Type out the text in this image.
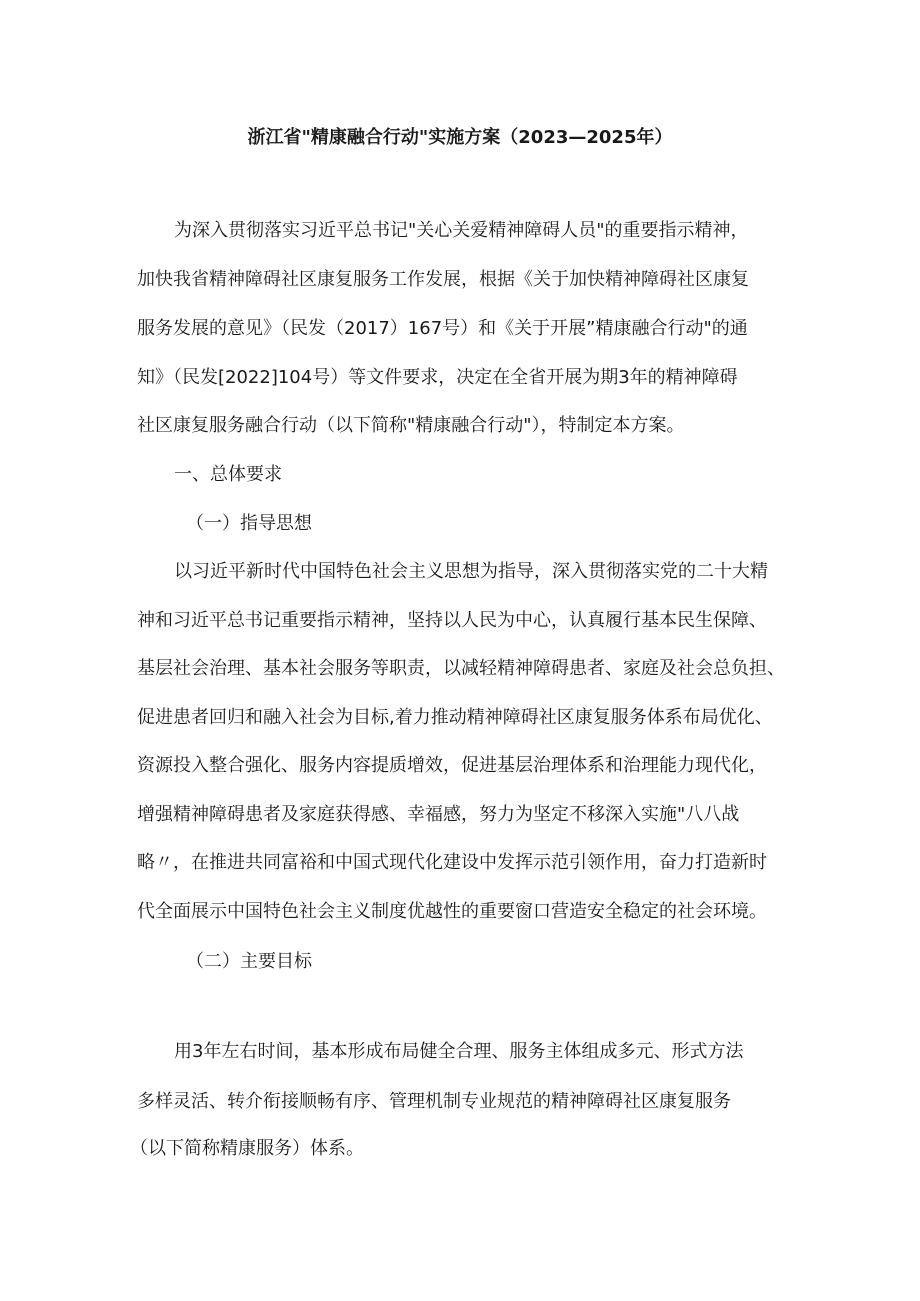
浙江省"精康融合行动"实施方案（2023—2025年）

为深入贯彻落实习近平总书记"关心关爱精神障碍人员"的重要指示精神，

加快我省精神障碍社区康复服务工作发展，根据《关于加快精神障碍社区康复

服务发展的意见》（民发（2017）167号）和《关于开展”精康融合行动"的通

知》（民发[2022]104号）等文件要求，决定在全省开展为期3年的精神障碍

社区康复服务融合行动（以下简称"精康融合行动"），特制定本方案。

一、总体要求
（一）指导思想

以习近平新时代中国特色社会主义思想为指导，深入贯彻落实党的二十大精

神和习近平总书记重要指示精神，坚持以人民为中心，认真履行基本民生保障、

基层社会治理、基本社会服务等职责，以减轻精神障碍患者、家庭及社会总负担、

促进患者回归和融入社会为目标,着力推动精神障碍社区康复服务体系布局优化、

资源投入整合强化、服务内容提质增效，促进基层治理体系和治理能力现代化，

增强精神障碍患者及家庭获得感、幸福感，努力为坚定不移深入实施"八八战

略〃，在推进共同富裕和中国式现代化建设中发挥示范引领作用，奋力打造新时

代全面展示中国特色社会主义制度优越性的重要窗口营造安全稳定的社会环境。

（二）主要目标

用3年左右时间，基本形成布局健全合理、服务主体组成多元、形式方法

多样灵活、转介衔接顺畅有序、管理机制专业规范的精神障碍社区康复服务

（以下简称精康服务）体系。
